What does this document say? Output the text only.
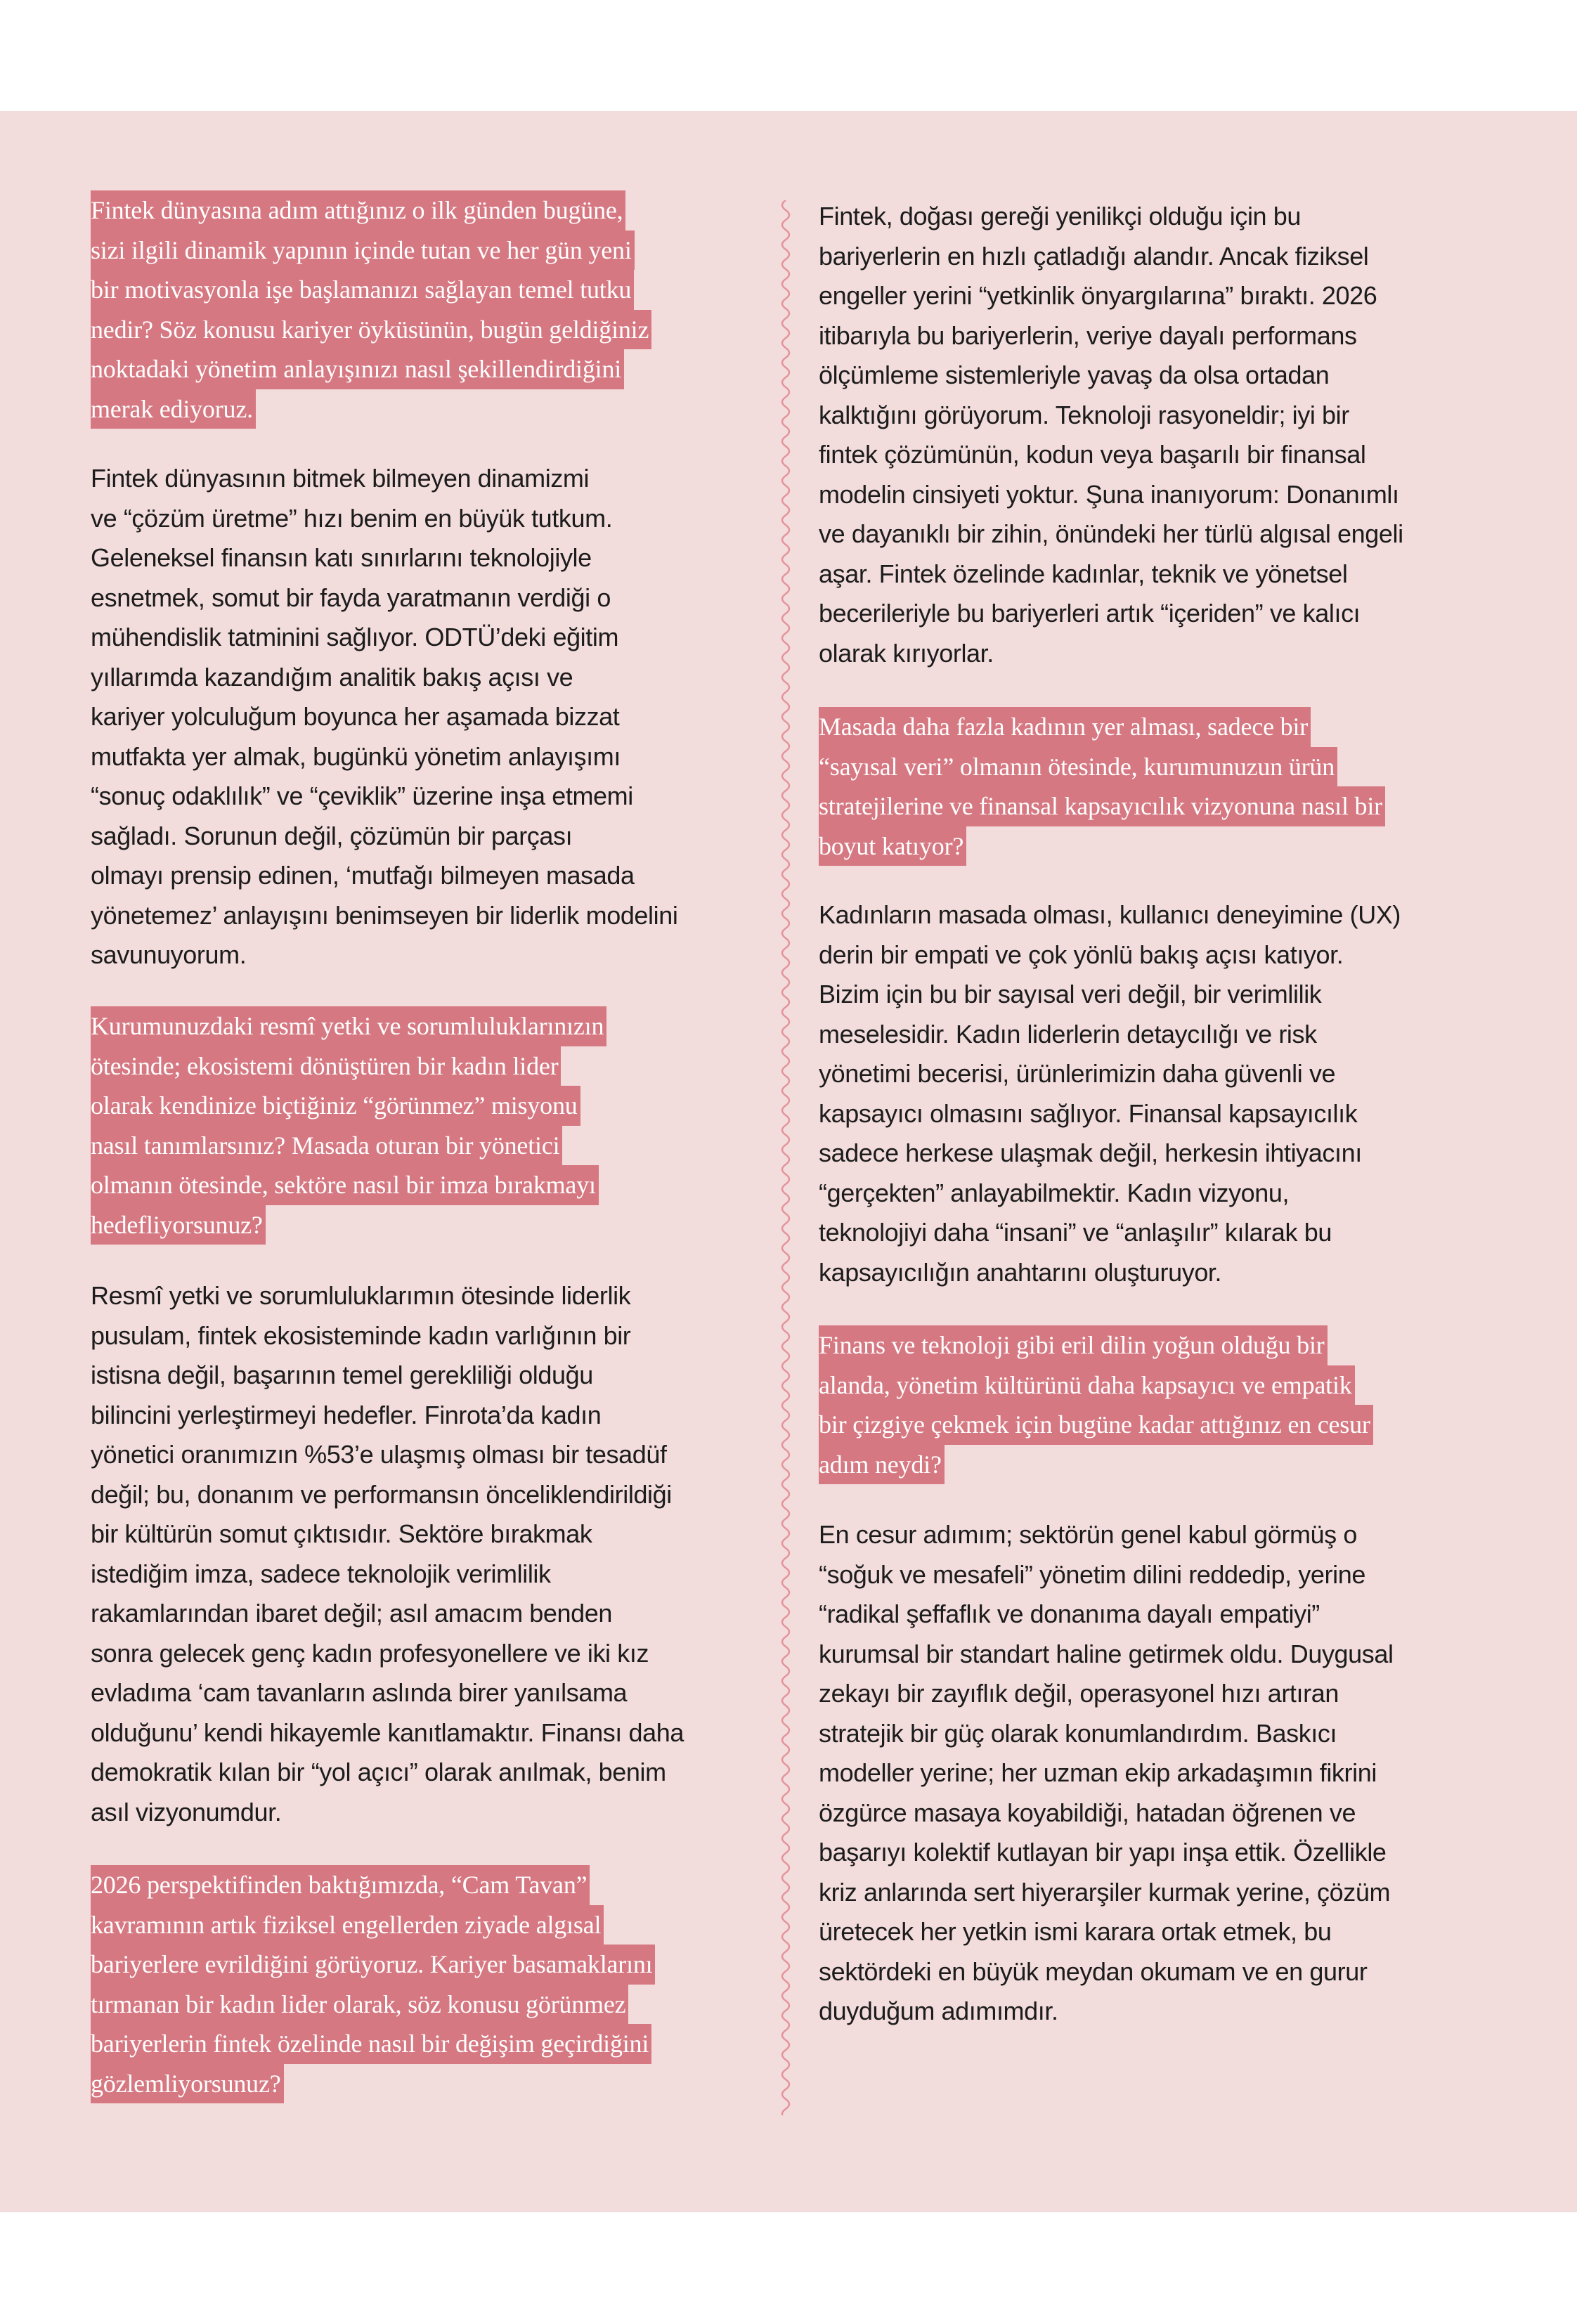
Fintek dünyasına adım attığınız o ilk günden bugüne,
sizi ilgili dinamik yapının içinde tutan ve her gün yeni
bir motivasyonla işe başlamanızı sağlayan temel tutku
nedir? Söz konusu kariyer öyküsünün, bugün geldiğiniz
noktadaki yönetim anlayışınızı nasıl şekillendirdiğini
merak ediyoruz.
Fintek dünyasının bitmek bilmeyen dinamizmi
ve “çözüm üretme” hızı benim en büyük tutkum.
Geleneksel finansın katı sınırlarını teknolojiyle
esnetmek, somut bir fayda yaratmanın verdiği o
mühendislik tatminini sağlıyor. ODTÜ’deki eğitim
yıllarımda kazandığım analitik bakış açısı ve
kariyer yolculuğum boyunca her aşamada bizzat
mutfakta yer almak, bugünkü yönetim anlayışımı
“sonuç odaklılık” ve “çeviklik” üzerine inşa etmemi
sağladı. Sorunun değil, çözümün bir parçası
olmayı prensip edinen, ‘mutfağı bilmeyen masada
yönetemez’ anlayışını benimseyen bir liderlik modelini
savunuyorum.
Kurumunuzdaki resmî yetki ve sorumluluklarınızın
ötesinde; ekosistemi dönüştüren bir kadın lider
olarak kendinize biçtiğiniz “görünmez” misyonu
nasıl tanımlarsınız? Masada oturan bir yönetici
olmanın ötesinde, sektöre nasıl bir imza bırakmayı
hedefliyorsunuz?
Resmî yetki ve sorumluluklarımın ötesinde liderlik
pusulam, fintek ekosisteminde kadın varlığının bir
istisna değil, başarının temel gerekliliği olduğu
bilincini yerleştirmeyi hedefler. Finrota’da kadın
yönetici oranımızın %53’e ulaşmış olması bir tesadüf
değil; bu, donanım ve performansın önceliklendirildiği
bir kültürün somut çıktısıdır. Sektöre bırakmak
istediğim imza, sadece teknolojik verimlilik
rakamlarından ibaret değil; asıl amacım benden
sonra gelecek genç kadın profesyonellere ve iki kız
evladıma ‘cam tavanların aslında birer yanılsama
olduğunu’ kendi hikayemle kanıtlamaktır. Finansı daha
demokratik kılan bir “yol açıcı” olarak anılmak, benim
asıl vizyonumdur.
2026 perspektifinden baktığımızda, “Cam Tavan”
kavramının artık fiziksel engellerden ziyade algısal
bariyerlere evrildiğini görüyoruz. Kariyer basamaklarını
tırmanan bir kadın lider olarak, söz konusu görünmez
bariyerlerin fintek özelinde nasıl bir değişim geçirdiğini
gözlemliyorsunuz?
Fintek, doğası gereği yenilikçi olduğu için bu
bariyerlerin en hızlı çatladığı alandır. Ancak fiziksel
engeller yerini “yetkinlik önyargılarına” bıraktı. 2026
itibarıyla bu bariyerlerin, veriye dayalı performans
ölçümleme sistemleriyle yavaş da olsa ortadan
kalktığını görüyorum. Teknoloji rasyoneldir; iyi bir
fintek çözümünün, kodun veya başarılı bir finansal
modelin cinsiyeti yoktur. Şuna inanıyorum: Donanımlı
ve dayanıklı bir zihin, önündeki her türlü algısal engeli
aşar. Fintek özelinde kadınlar, teknik ve yönetsel
becerileriyle bu bariyerleri artık “içeriden” ve kalıcı
olarak kırıyorlar.
Masada daha fazla kadının yer alması, sadece bir
“sayısal veri” olmanın ötesinde, kurumunuzun ürün
stratejilerine ve finansal kapsayıcılık vizyonuna nasıl bir
boyut katıyor?
Kadınların masada olması, kullanıcı deneyimine (UX)
derin bir empati ve çok yönlü bakış açısı katıyor.
Bizim için bu bir sayısal veri değil, bir verimlilik
meselesidir. Kadın liderlerin detaycılığı ve risk
yönetimi becerisi, ürünlerimizin daha güvenli ve
kapsayıcı olmasını sağlıyor. Finansal kapsayıcılık
sadece herkese ulaşmak değil, herkesin ihtiyacını
“gerçekten” anlayabilmektir. Kadın vizyonu,
teknolojiyi daha “insani” ve “anlaşılır” kılarak bu
kapsayıcılığın anahtarını oluşturuyor.
Finans ve teknoloji gibi eril dilin yoğun olduğu bir
alanda, yönetim kültürünü daha kapsayıcı ve empatik
bir çizgiye çekmek için bugüne kadar attığınız en cesur
adım neydi?
En cesur adımım; sektörün genel kabul görmüş o
“soğuk ve mesafeli” yönetim dilini reddedip, yerine
“radikal şeffaflık ve donanıma dayalı empatiyi”
kurumsal bir standart haline getirmek oldu. Duygusal
zekayı bir zayıflık değil, operasyonel hızı artıran
stratejik bir güç olarak konumlandırdım. Baskıcı
modeller yerine; her uzman ekip arkadaşımın fikrini
özgürce masaya koyabildiği, hatadan öğrenen ve
başarıyı kolektif kutlayan bir yapı inşa ettik. Özellikle
kriz anlarında sert hiyerarşiler kurmak yerine, çözüm
üretecek her yetkin ismi karara ortak etmek, bu
sektördeki en büyük meydan okumam ve en gurur
duyduğum adımımdır.
